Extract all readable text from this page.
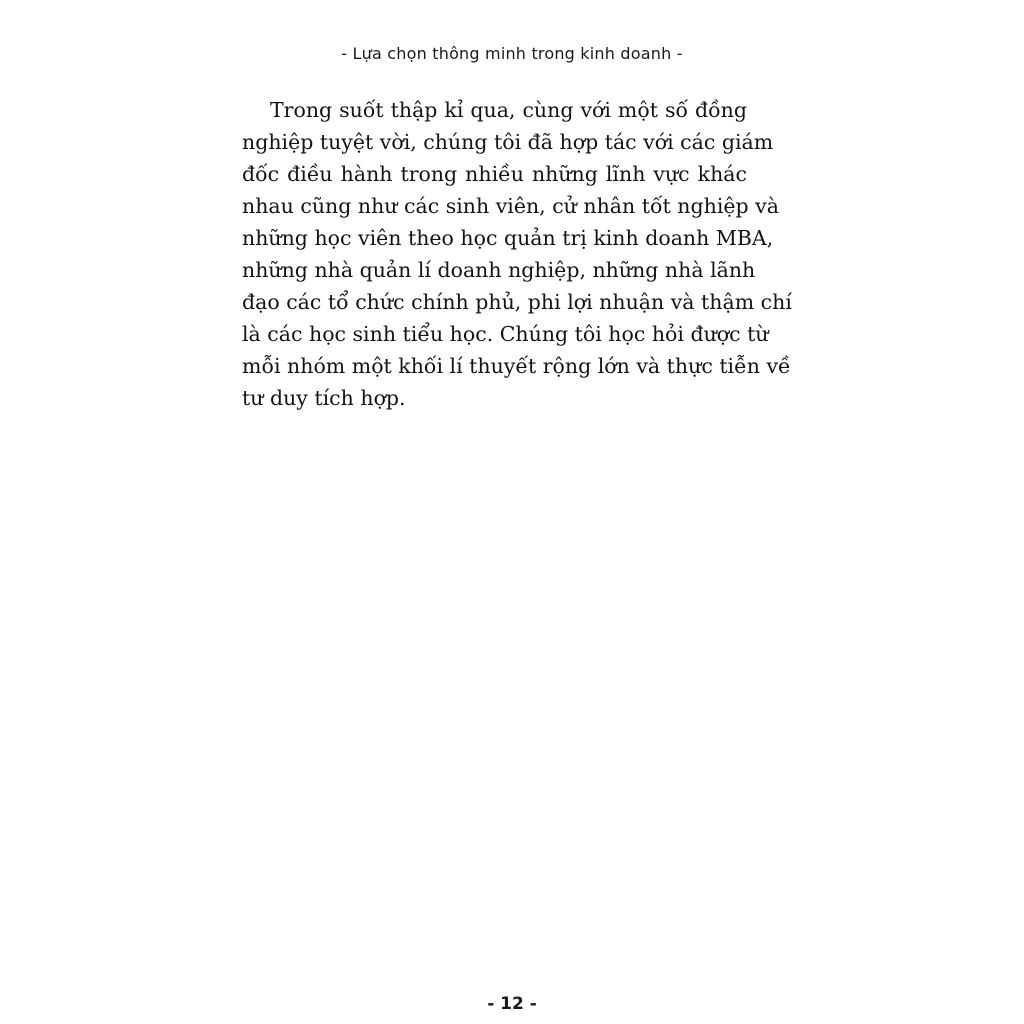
- Lựa chọn thông minh trong kinh doanh -
Trong suốt thập kỉ qua, cùng với một số đồng
nghiệp tuyệt vời, chúng tôi đã hợp tác với các giám
đốc điều hành trong nhiều những lĩnh vực khác
nhau cũng như các sinh viên, cử nhân tốt nghiệp và
những học viên theo học quản trị kinh doanh MBA,
những nhà quản lí doanh nghiệp, những nhà lãnh
đạo các tổ chức chính phủ, phi lợi nhuận và thậm chí
là các học sinh tiểu học. Chúng tôi học hỏi được từ
mỗi nhóm một khối lí thuyết rộng lớn và thực tiễn về
tư duy tích hợp.
- 12 -
